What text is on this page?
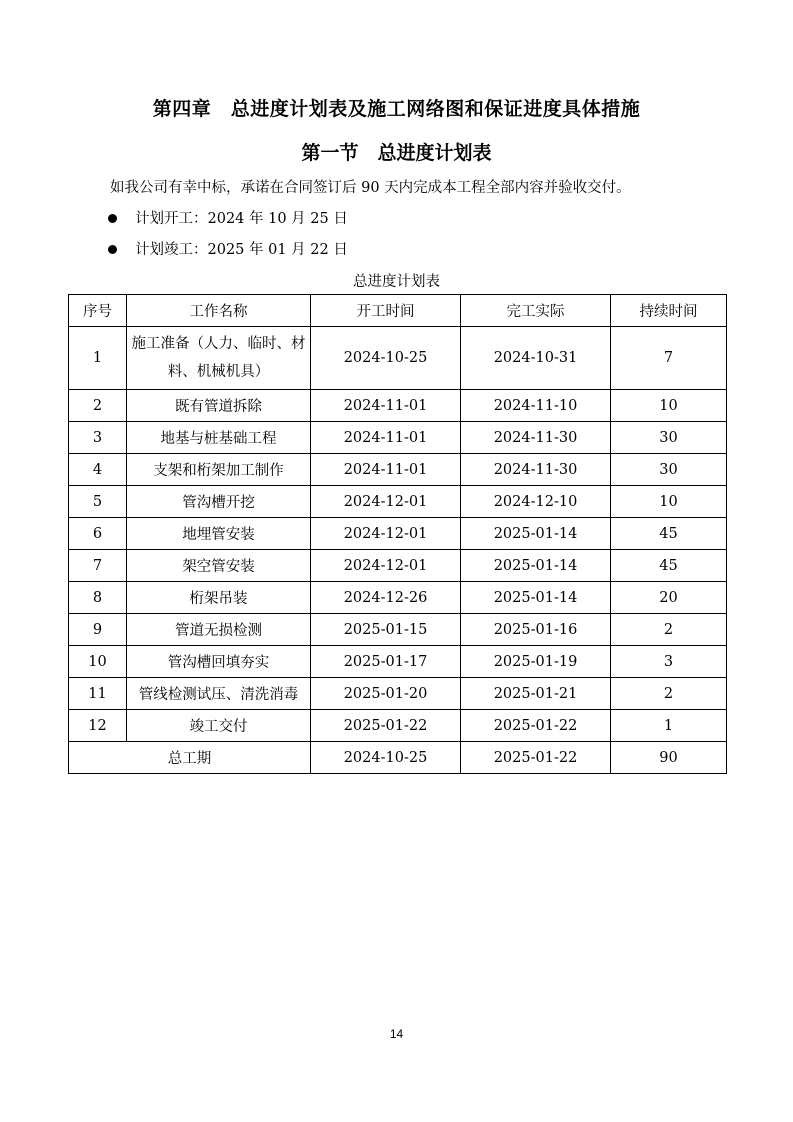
第四章　总进度计划表及施工网络图和保证进度具体措施
第一节　总进度计划表
如我公司有幸中标，承诺在合同签订后 90 天内完成本工程全部内容并验收交付。
计划开工：2024 年 10 月 25 日
计划竣工：2025 年 01 月 22 日
总进度计划表
序号	工作名称	开工时间	完工实际	持续时间
1	施工准备（人力、临时、材料、机械机具）	2024-10-25	2024-10-31	7
2	既有管道拆除	2024-11-01	2024-11-10	10
3	地基与桩基础工程	2024-11-01	2024-11-30	30
4	支架和桁架加工制作	2024-11-01	2024-11-30	30
5	管沟槽开挖	2024-12-01	2024-12-10	10
6	地埋管安装	2024-12-01	2025-01-14	45
7	架空管安装	2024-12-01	2025-01-14	45
8	桁架吊装	2024-12-26	2025-01-14	20
9	管道无损检测	2025-01-15	2025-01-16	2
10	管沟槽回填夯实	2025-01-17	2025-01-19	3
11	管线检测试压、清洗消毒	2025-01-20	2025-01-21	2
12	竣工交付	2025-01-22	2025-01-22	1
总工期		2024-10-25	2025-01-22	90
14
